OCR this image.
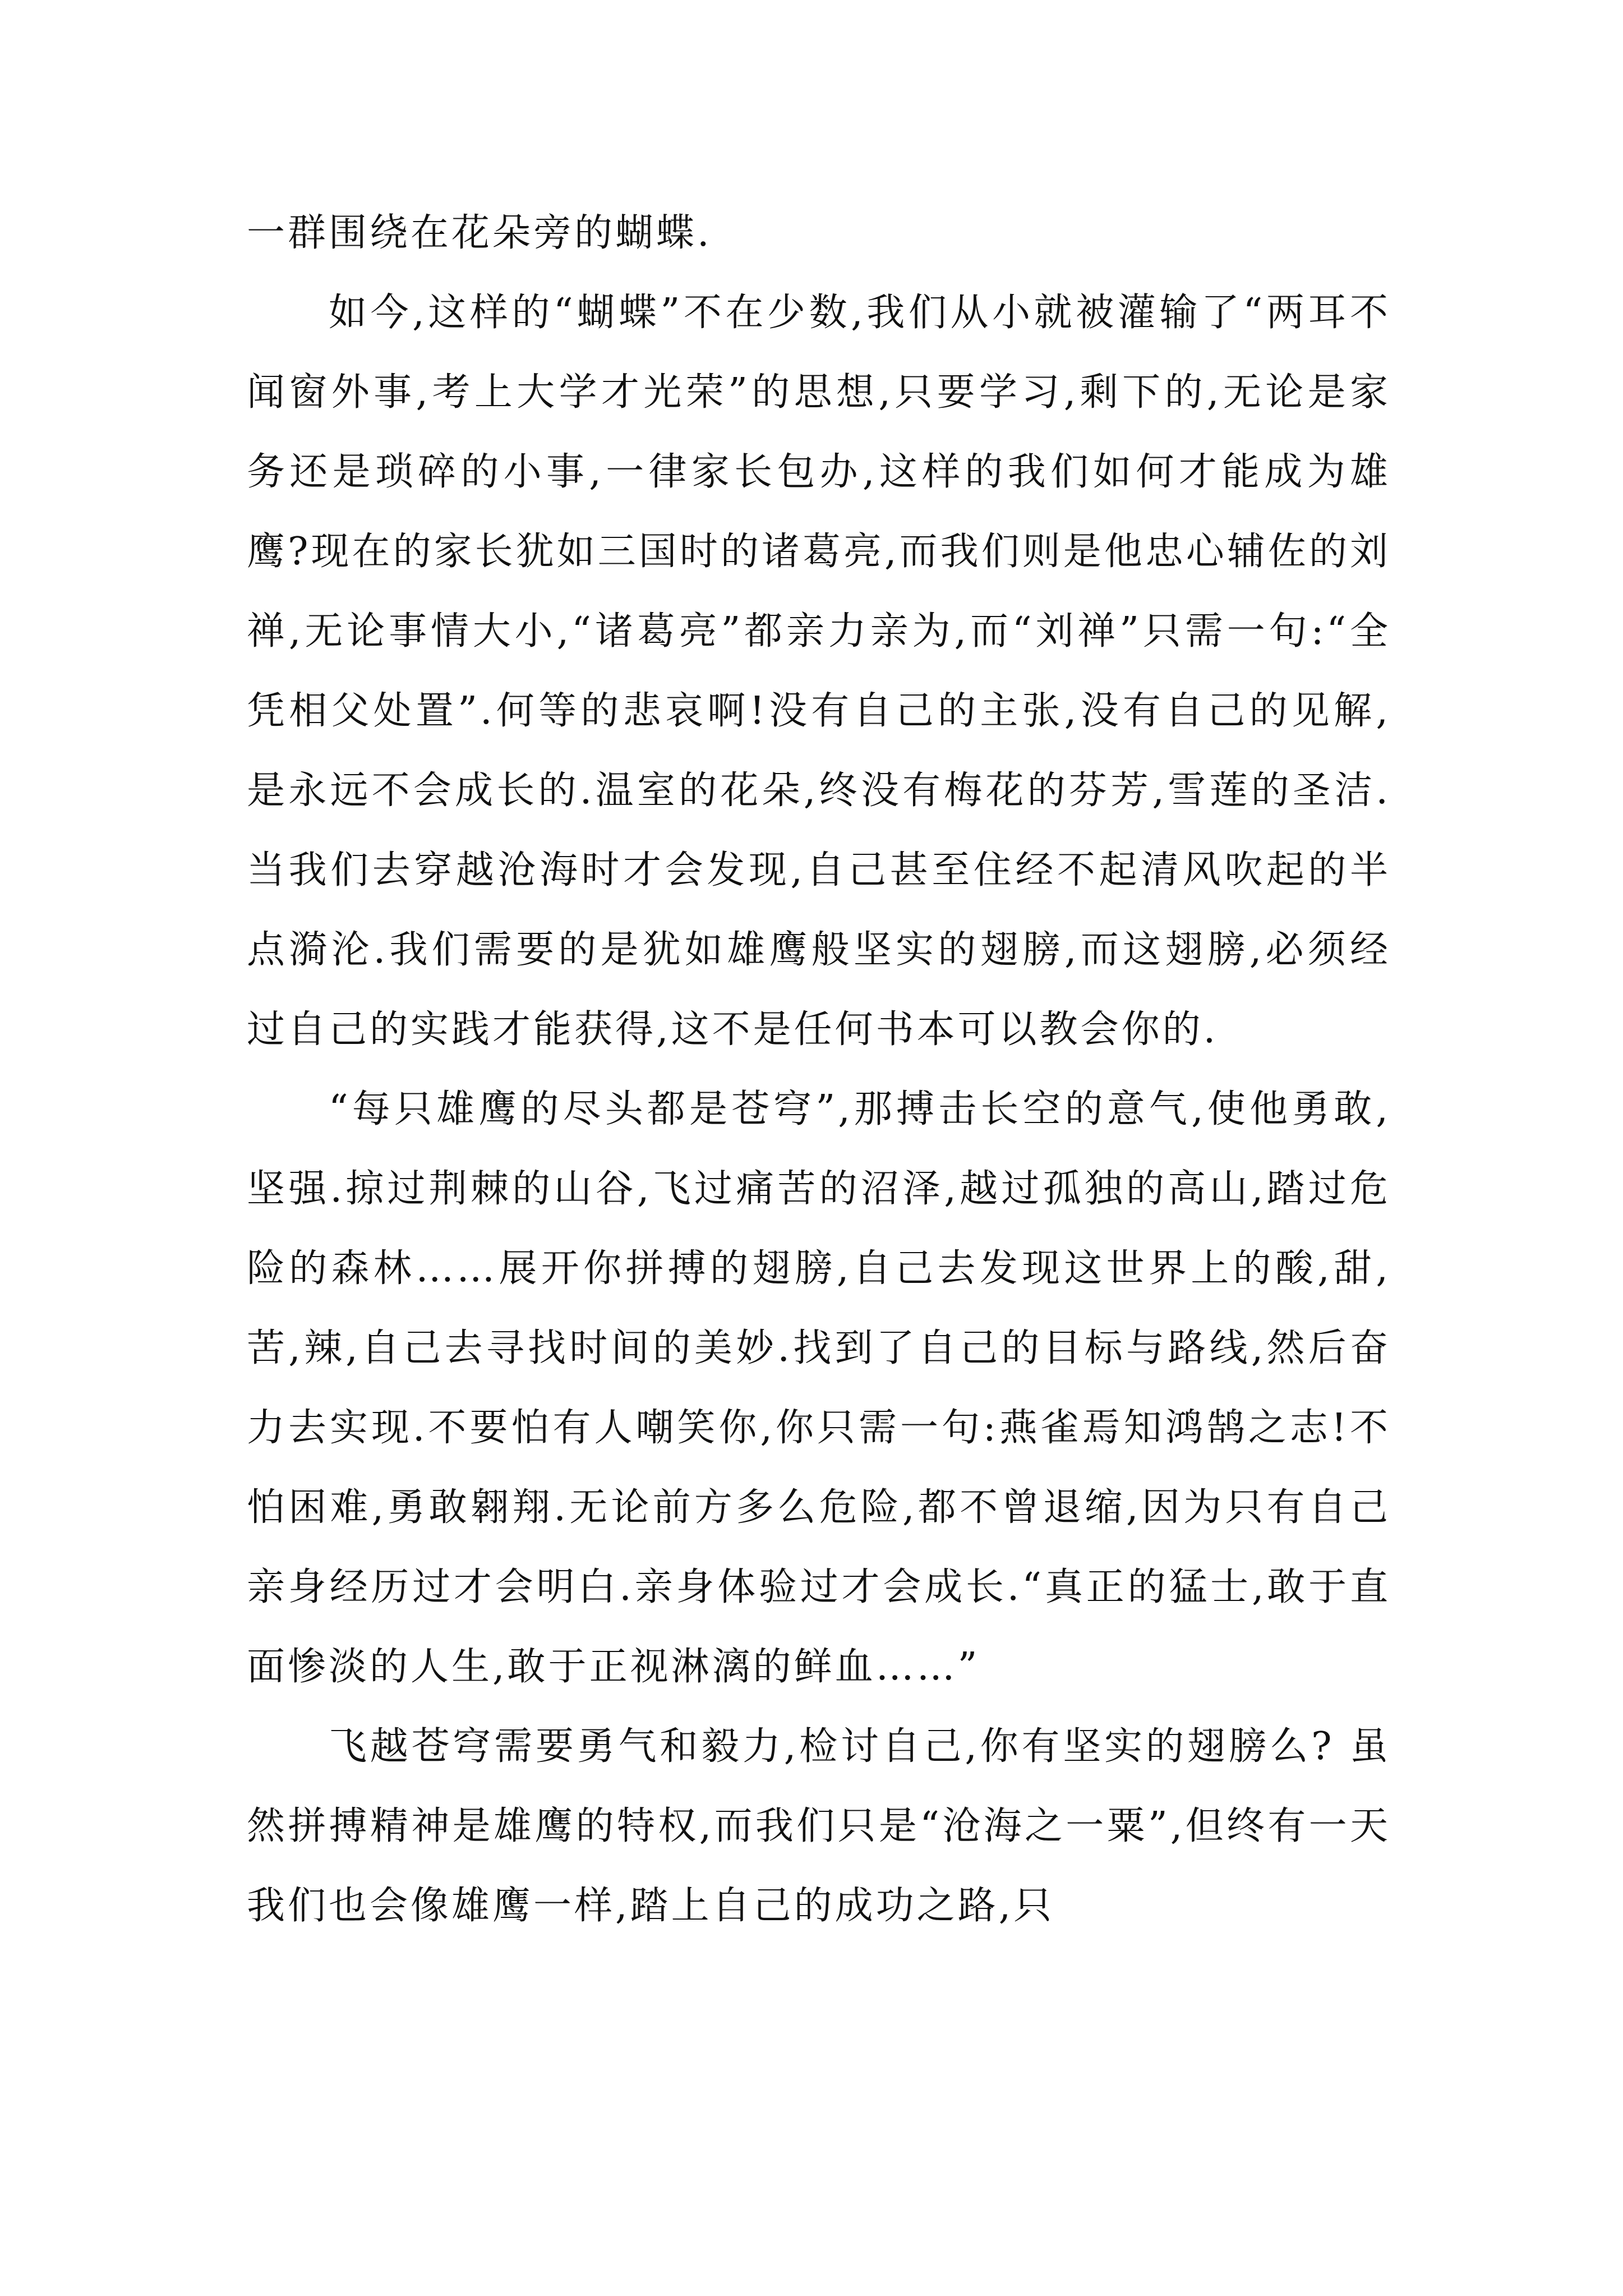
一群围绕在花朵旁的蝴蝶.

如今,这样的“蝴蝶”不在少数,我们从小就被灌输了“两耳不闻窗外事,考上大学才光荣”的思想,只要学习,剩下的,无论是家务还是琐碎的小事,一律家长包办,这样的我们如何才能成为雄鹰?现在的家长犹如三国时的诸葛亮,而我们则是他忠心辅佐的刘禅,无论事情大小,“诸葛亮”都亲力亲为,而“刘禅”只需一句:“全凭相父处置”.何等的悲哀啊!没有自己的主张,没有自己的见解,是永远不会成长的.温室的花朵,终没有梅花的芬芳,雪莲的圣洁.当我们去穿越沧海时才会发现,自己甚至住经不起清风吹起的半点漪沦.我们需要的是犹如雄鹰般坚实的翅膀,而这翅膀,必须经过自己的实践才能获得,这不是任何书本可以教会你的.

“每只雄鹰的尽头都是苍穹”,那搏击长空的意气,使他勇敢,坚强.掠过荆棘的山谷,飞过痛苦的沼泽,越过孤独的高山,踏过危险的森林……展开你拼搏的翅膀,自己去发现这世界上的酸,甜,苦,辣,自己去寻找时间的美妙.找到了自己的目标与路线,然后奋力去实现.不要怕有人嘲笑你,你只需一句:燕雀焉知鸿鹄之志!不怕困难,勇敢翱翔.无论前方多么危险,都不曾退缩,因为只有自己亲身经历过才会明白.亲身体验过才会成长.“真正的猛士,敢于直面惨淡的人生,敢于正视淋漓的鲜血……”

飞越苍穹需要勇气和毅力,检讨自己,你有坚实的翅膀么? 虽然拼搏精神是雄鹰的特权,而我们只是“沧海之一粟”,但终有一天我们也会像雄鹰一样,踏上自己的成功之路,只
